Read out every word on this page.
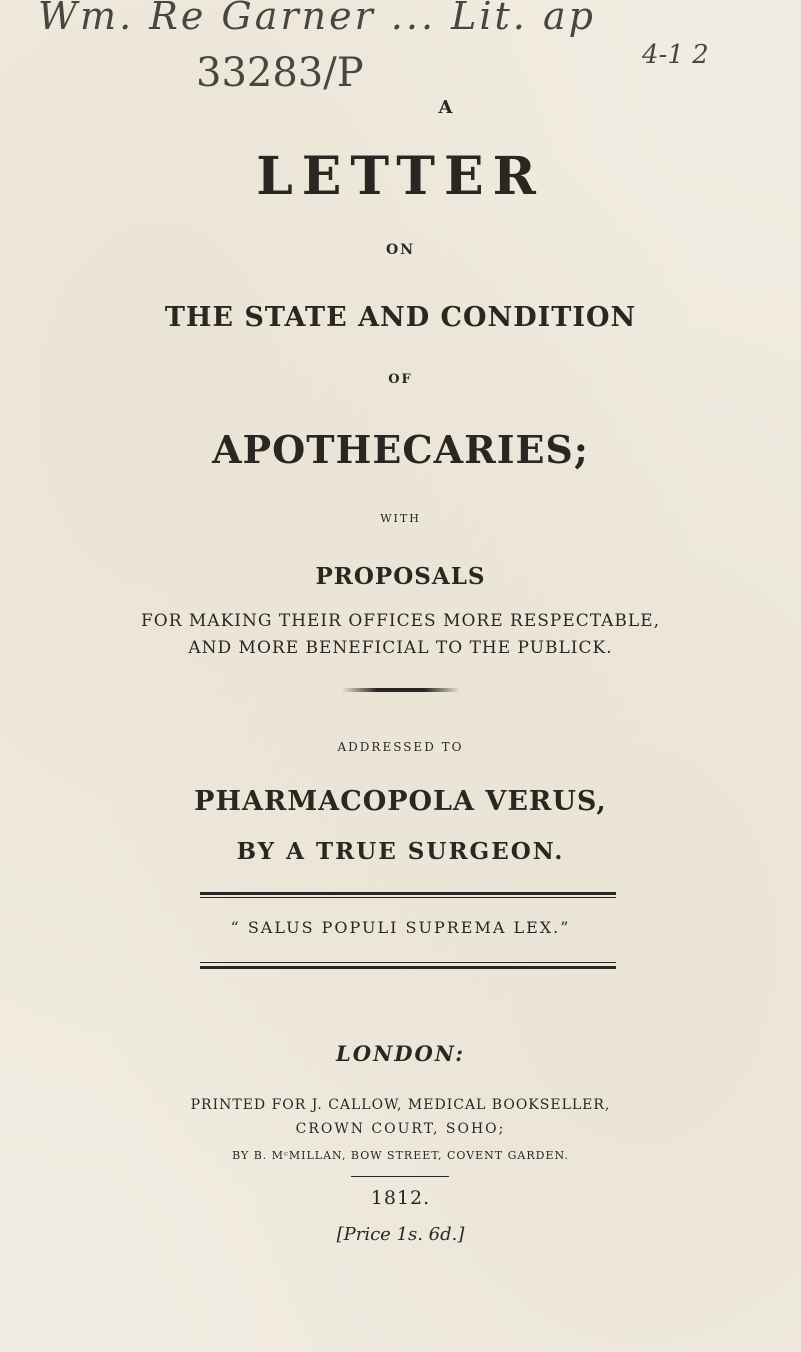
Wm. Re Garner ... Lit. ap
33283/P	4-1 2
A
LETTER
ON
THE STATE AND CONDITION
OF
APOTHECARIES;
WITH
PROPOSALS
FOR MAKING THEIR OFFICES MORE RESPECTABLE,
AND MORE BENEFICIAL TO THE PUBLICK.
ADDRESSED TO
PHARMACOPOLA VERUS,
BY A TRUE SURGEON.
“ SALUS POPULI SUPREMA LEX.”
LONDON:
PRINTED FOR J. CALLOW, MEDICAL BOOKSELLER,
CROWN COURT, SOHO;
BY B. MᶜMILLAN, BOW STREET, COVENT GARDEN.
1812.
[Price 1s. 6d.]
